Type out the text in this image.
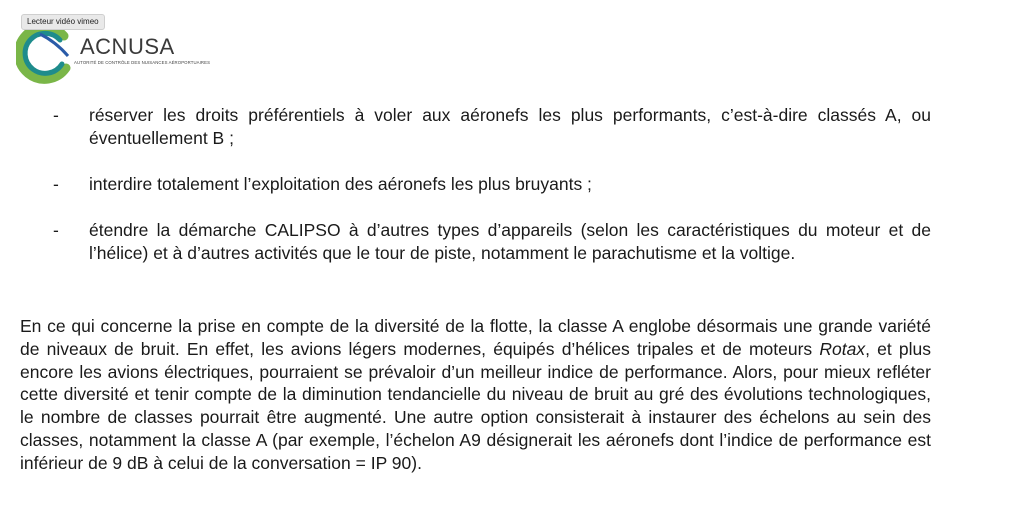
Lecteur vidéo vimeo
ACNUSA
AUTORITÉ DE CONTRÔLE DES NUISANCES AÉROPORTUAIRES

- réserver les droits préférentiels à voler aux aéronefs les plus performants, c’est-à-dire classés A, ou éventuellement B ;

- interdire totalement l’exploitation des aéronefs les plus bruyants ;

- étendre la démarche CALIPSO à d’autres types d’appareils (selon les caractéristiques du moteur et de l’hélice) et à d’autres activités que le tour de piste, notamment le parachutisme et la voltige.

En ce qui concerne la prise en compte de la diversité de la flotte, la classe A englobe désormais une grande variété de niveaux de bruit. En effet, les avions légers modernes, équipés d’hélices tripales et de moteurs Rotax, et plus encore les avions électriques, pourraient se prévaloir d’un meilleur indice de performance. Alors, pour mieux refléter cette diversité et tenir compte de la diminution tendancielle du niveau de bruit au gré des évolutions technologiques, le nombre de classes pourrait être augmenté. Une autre option consisterait à instaurer des échelons au sein des classes, notamment la classe A (par exemple, l’échelon A9 désignerait les aéronefs dont l’indice de performance est inférieur de 9 dB à celui de la conversation = IP 90).
